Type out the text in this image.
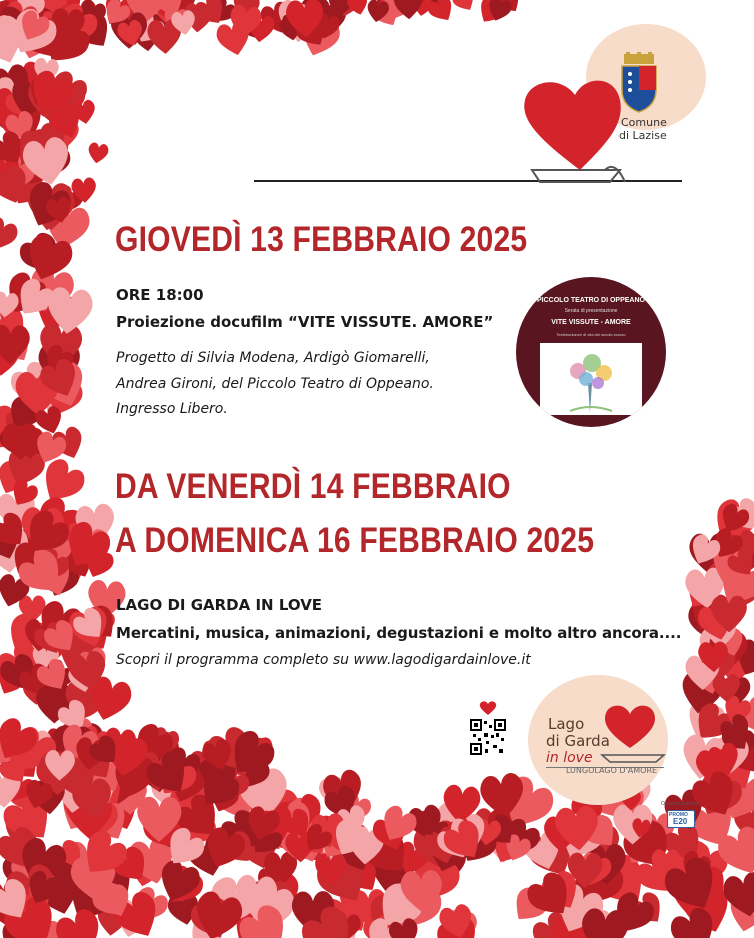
Comune
di Lazise
GIOVEDÌ 13 FEBBRAIO 2025
ORE 18:00
Proiezione docufilm “VITE VISSUTE. AMORE”
Progetto di Silvia Modena, Ardigò Giomarelli,
Andrea Gironi, del Piccolo Teatro di Oppeano.
Ingresso Libero.
PICCOLO TEATRO DI OPPEANO
Serata di presentazione
VITE VISSUTE - AMORE
Testimonianze di vita del secolo scorso
DA VENERDÌ 14 FEBBRAIO
A DOMENICA 16 FEBBRAIO 2025
LAGO DI GARDA IN LOVE
Mercatini, musica, animazioni, degustazioni e molto altro ancora....
Scopri il programma completo su www.lagodigardainlove.it
Lago
di Garda
in love
LUNGOLAGO D'AMORE
Organizzazione
PROMO
E20
